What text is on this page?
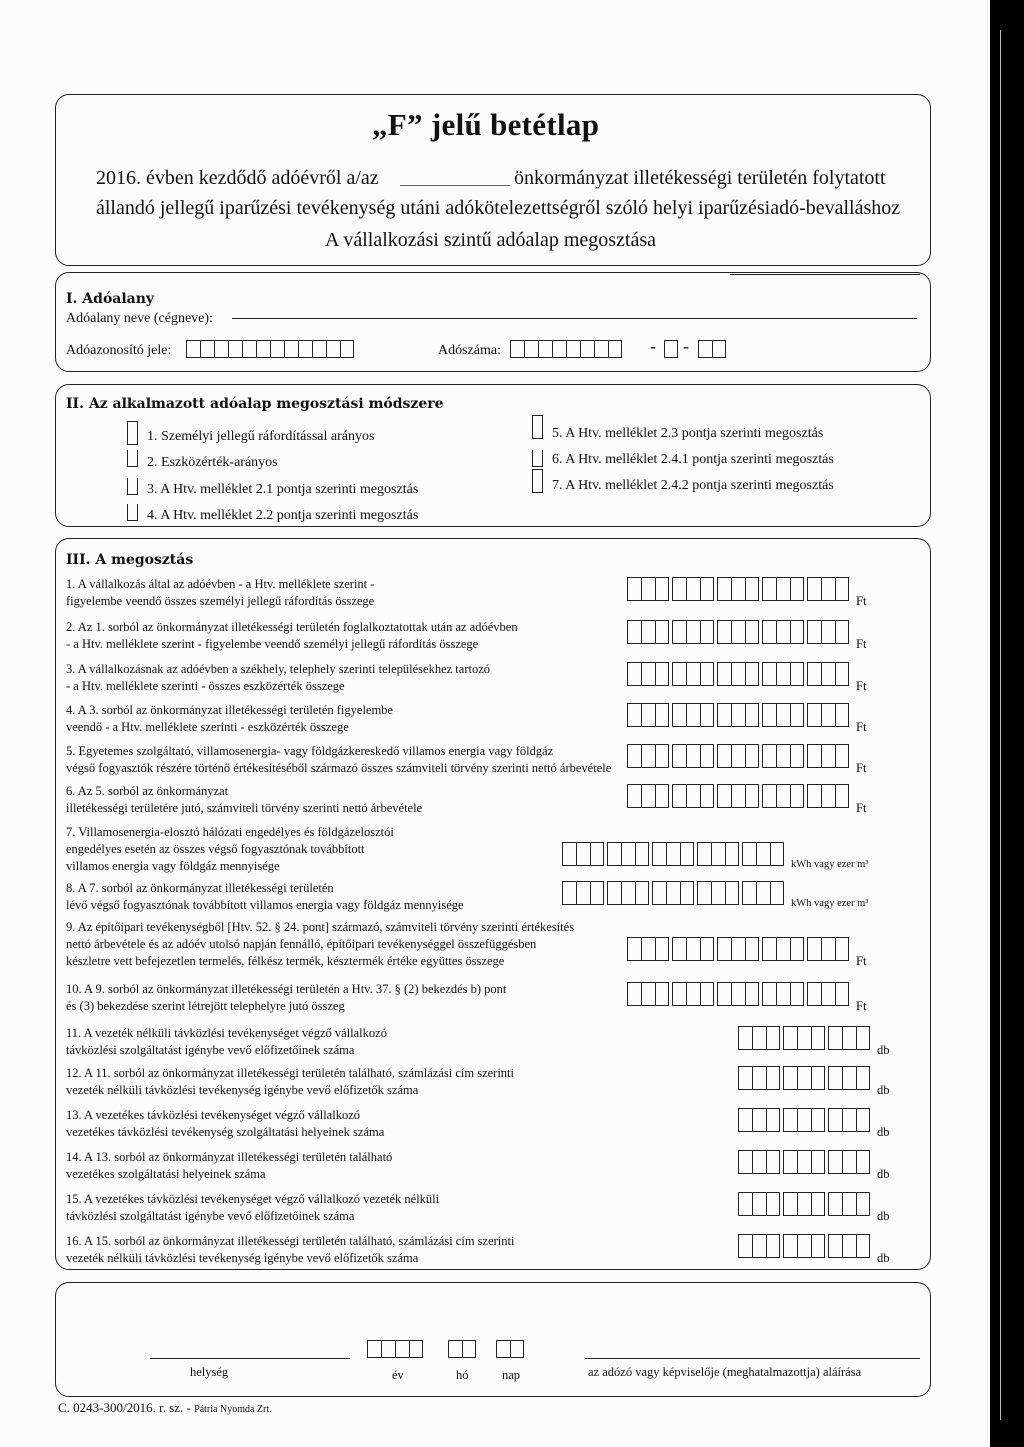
„F” jelű betétlap
2016. évben kezdődő adóévről a/az	önkormányzat illetékességi területén folytatott
állandó jellegű iparűzési tevékenység utáni adókötelezettségről szóló helyi iparűzésiadó-bevalláshoz
A vállalkozási szintű adóalap megosztása
I. Adóalany
Adóalany neve (cégneve):
Adóazonosító jele:	Adószáma:	- -
II. Az alkalmazott adóalap megosztási módszere
1. Személyi jellegű ráfordítással arányos
2. Eszközérték-arányos
3. A Htv. melléklet 2.1 pontja szerinti megosztás
4. A Htv. melléklet 2.2 pontja szerinti megosztás
5. A Htv. melléklet 2.3 pontja szerinti megosztás
6. A Htv. melléklet 2.4.1 pontja szerinti megosztás
7. A Htv. melléklet 2.4.2 pontja szerinti megosztás
III. A megosztás
1. A vállalkozás által az adóévben - a Htv. melléklete szerint -
figyelembe veendő összes személyi jellegű ráfordítás összege	Ft
2. Az 1. sorból az önkormányzat illetékességi területén foglalkoztatottak után az adóévben
- a Htv. melléklete szerint - figyelembe veendő személyi jellegű ráfordítás összege	Ft
3. A vállalkozásnak az adóévben a székhely, telephely szerinti településekhez tartozó
- a Htv. melléklete szerinti - összes eszközérték összege	Ft
4. A 3. sorból az önkormányzat illetékességi területén figyelembe
veendő - a Htv. melléklete szerinti - eszközérték összege	Ft
5. Egyetemes szolgáltató, villamosenergia- vagy földgázkereskedő villamos energia vagy földgáz
végső fogyasztók részére történő értékesítéséből származó összes számviteli törvény szerinti nettó árbevétele	Ft
6. Az 5. sorból az önkormányzat
illetékességi területére jutó, számviteli törvény szerinti nettó árbevétele	Ft
7. Villamosenergia-elosztó hálózati engedélyes és földgázelosztói
engedélyes esetén az összes végső fogyasztónak továbbított
villamos energia vagy földgáz mennyisége	kWh vagy ezer m³
8. A 7. sorból az önkormányzat illetékességi területén
lévő végső fogyasztónak továbbított villamos energia vagy földgáz mennyisége	kWh vagy ezer m³
9. Az építőipari tevékenységből [Htv. 52. § 24. pont] származó, számviteli törvény szerinti értékesítés
nettó árbevétele és az adóév utolsó napján fennálló, építőipari tevékenységgel összefüggésben
készletre vett befejezetlen termelés, félkész termék, késztermék értéke együttes összege	Ft
10. A 9. sorból az önkormányzat illetékességi területén a Htv. 37. § (2) bekezdés b) pont
és (3) bekezdése szerint létrejött telephelyre jutó összeg	Ft
11. A vezeték nélküli távközlési tevékenységet végző vállalkozó
távközlési szolgáltatást igénybe vevő előfizetőinek száma	db
12. A 11. sorból az önkormányzat illetékességi területén található, számlázási cím szerinti
vezeték nélküli távközlési tevékenység igénybe vevő előfizetők száma	db
13. A vezetékes távközlési tevékenységet végző vállalkozó
vezetékes távközlési tevékenység szolgáltatási helyeinek száma	db
14. A 13. sorból az önkormányzat illetékességi területén található
vezetékes szolgáltatási helyeinek száma	db
15. A vezetékes távközlési tevékenységet végző vállalkozó vezeték nélküli
távközlési szolgáltatást igénybe vevő előfizetőinek száma	db
16. A 15. sorból az önkormányzat illetékességi területén található, számlázási cím szerinti
vezeték nélküli távközlési tevékenység igénybe vevő előfizetők száma	db
helység	év	hó	nap	az adózó vagy képviselője (meghatalmazottja) aláírása
C. 0243-300/2016. r. sz. - Pátria Nyomda Zrt.
